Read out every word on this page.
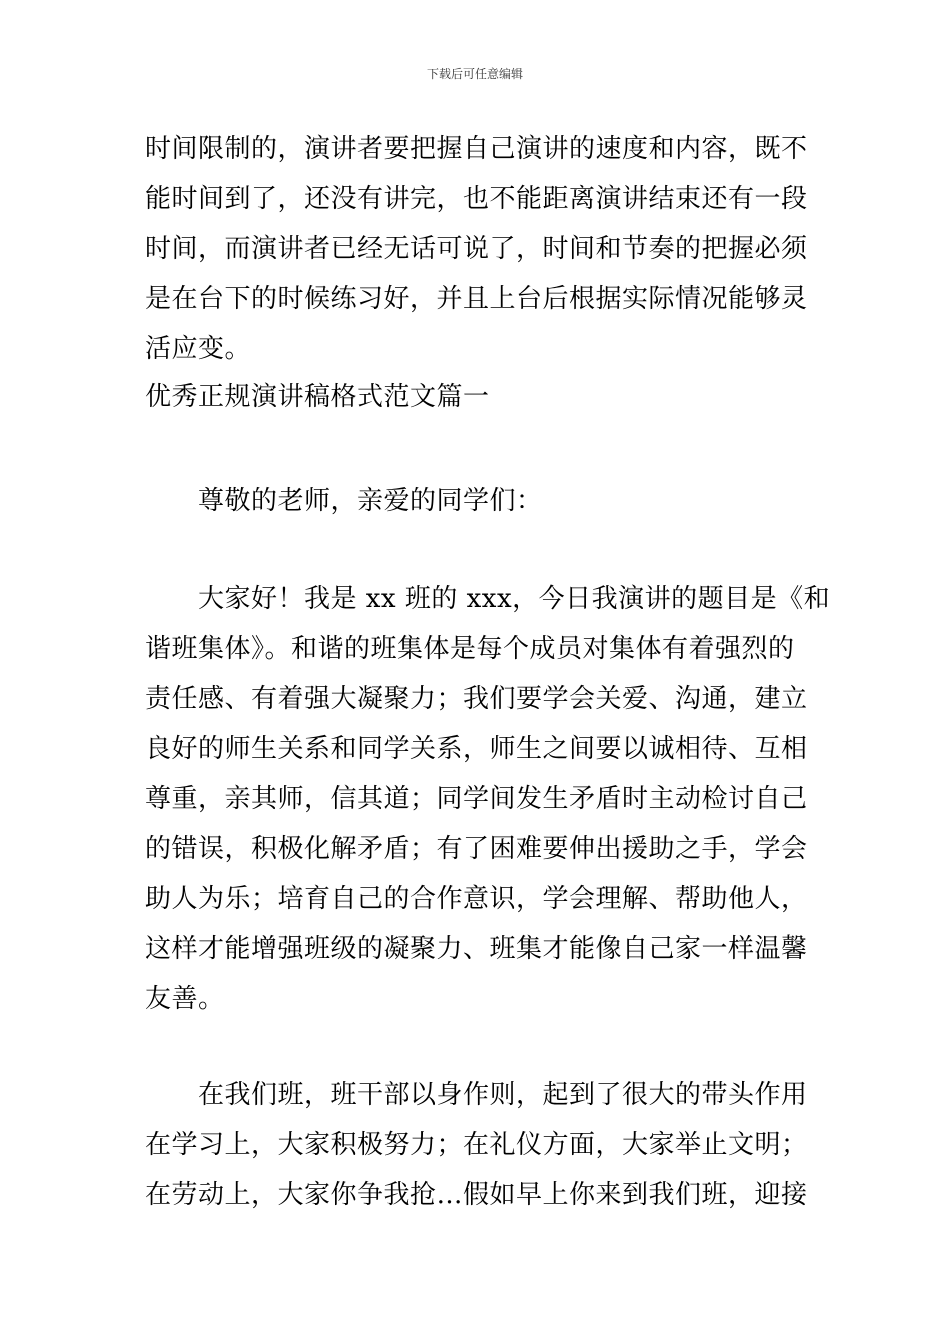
下载后可任意编辑
时间限制的，演讲者要把握自己演讲的速度和内容，既不
能时间到了，还没有讲完，也不能距离演讲结束还有一段
时间，而演讲者已经无话可说了，时间和节奏的把握必须
是在台下的时候练习好，并且上台后根据实际情况能够灵
活应变。
优秀正规演讲稿格式范文篇一
　　尊敬的老师，亲爱的同学们：
　　大家好！我是 xx 班的 xxx，今日我演讲的题目是《和
谐班集体》。和谐的班集体是每个成员对集体有着强烈的
责任感、有着强大凝聚力；我们要学会关爱、沟通，建立
良好的师生关系和同学关系，师生之间要以诚相待、互相
尊重，亲其师，信其道；同学间发生矛盾时主动检讨自己
的错误，积极化解矛盾；有了困难要伸出援助之手，学会
助人为乐；培育自己的合作意识，学会理解、帮助他人，
这样才能增强班级的凝聚力、班集才能像自己家一样温馨
友善。
　　在我们班，班干部以身作则，起到了很大的带头作用
在学习上，大家积极努力；在礼仪方面，大家举止文明；
在劳动上，大家你争我抢…假如早上你来到我们班，迎接
